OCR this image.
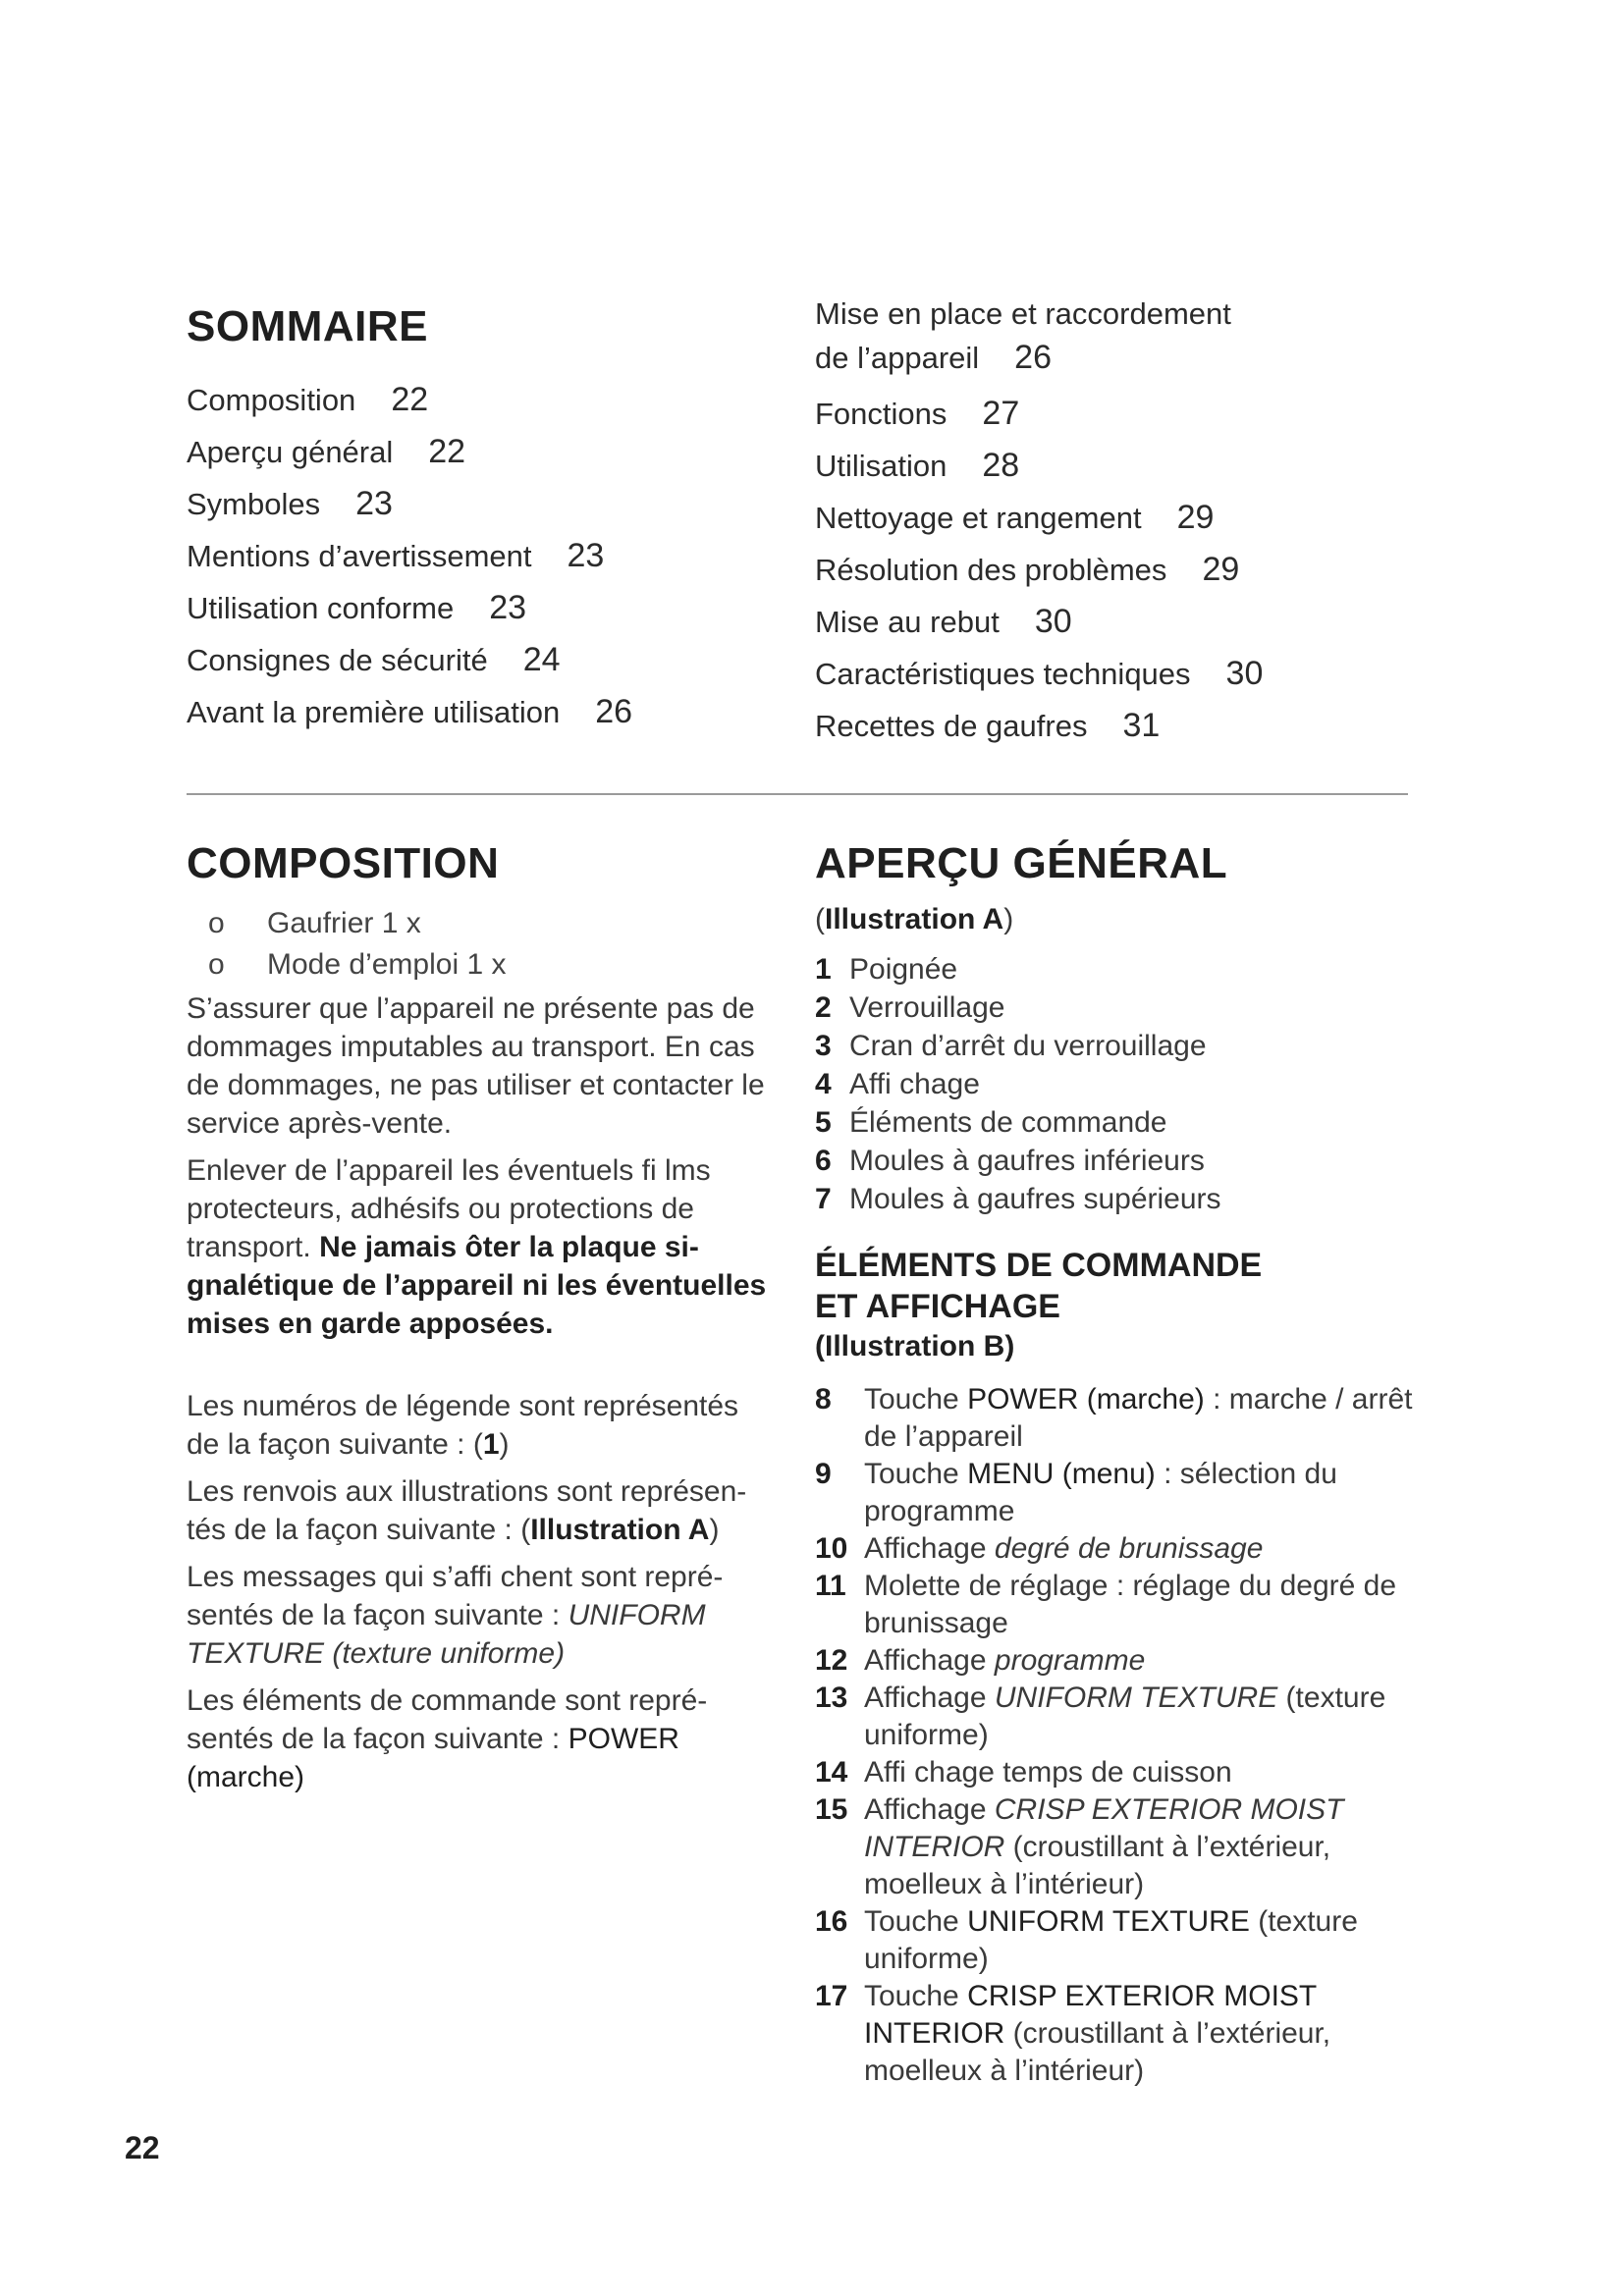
SOMMAIRE
Composition 22
Aperçu général 22
Symboles 23
Mentions d’avertissement 23
Utilisation conforme 23
Consignes de sécurité 24
Avant la première utilisation 26
Mise en place et raccordement
de l’appareil 26
Fonctions 27
Utilisation 28
Nettoyage et rangement 29
Résolution des problèmes 29
Mise au rebut 30
Caractéristiques techniques 30
Recettes de gaufres 31
COMPOSITION
o Gaufrier 1 x
o Mode d’emploi 1 x

S’assurer que l’appareil ne présente pas de dommages imputables au transport. En cas de dommages, ne pas utiliser et contacter le service après-vente.

Enlever de l’appareil les éventuels fi lms protecteurs, adhésifs ou protections de transport. Ne jamais ôter la plaque si-gnalétique de l’appareil ni les éventuelles mises en garde apposées.

Les numéros de légende sont représentés de la façon suivante : (1)

Les renvois aux illustrations sont représen-tés de la façon suivante : (Illustration A)

Les messages qui s’affi chent sont repré-sentés de la façon suivante : UNIFORM TEXTURE (texture uniforme)

Les éléments de commande sont repré-sentés de la façon suivante : POWER (marche)

APERÇU GÉNÉRAL
(Illustration A)
1 Poignée
2 Verrouillage
3 Cran d’arrêt du verrouillage
4 Affi chage
5 Éléments de commande
6 Moules à gaufres inférieurs
7 Moules à gaufres supérieurs
ÉLÉMENTS DE COMMANDE
ET AFFICHAGE
(Illustration B)
8 Touche POWER (marche) : marche / arrêt de l’appareil
9 Touche MENU (menu) : sélection du programme
10 Affichage degré de brunissage
11 Molette de réglage : réglage du degré de brunissage
12 Affichage programme
13 Affichage UNIFORM TEXTURE (texture uniforme)
14 Affi chage temps de cuisson
15 Affichage CRISP EXTERIOR MOIST INTERIOR (croustillant à l’extérieur, moelleux à l’intérieur)
16 Touche UNIFORM TEXTURE (texture uniforme)
17 Touche CRISP EXTERIOR MOIST INTERIOR (croustillant à l’extérieur, moelleux à l’intérieur)
22
